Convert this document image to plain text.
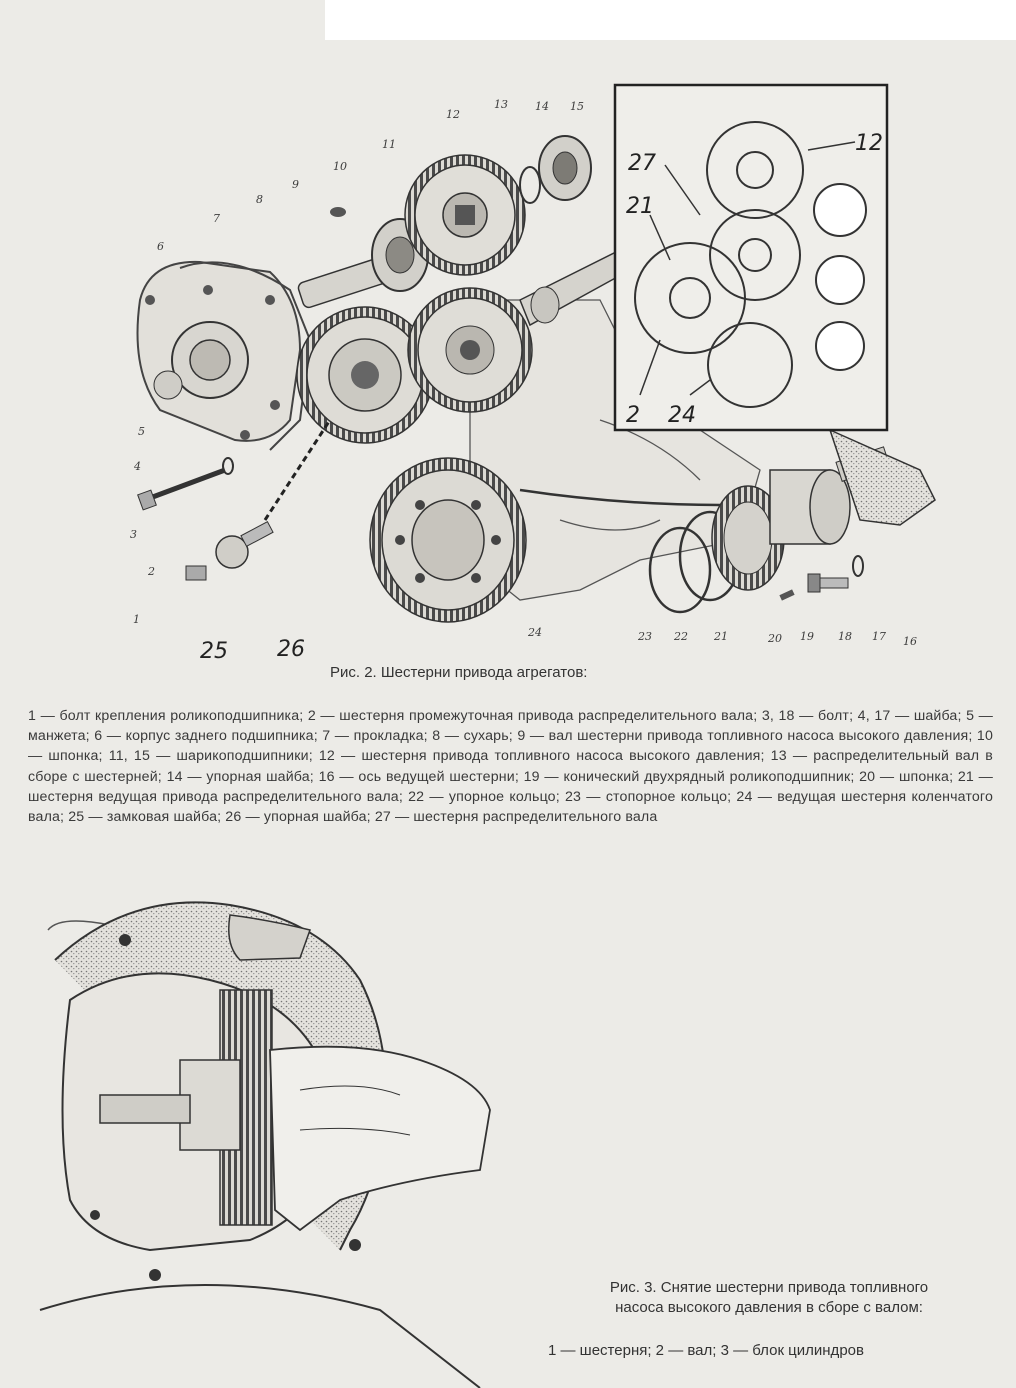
1
2
3
4
5
6
7
8
9
10
11
12
13 14 15
16
17
18
19
20
21
22
23
24
27
21
12
2 24
25 26
Рис. 2. Шестерни привода агрегатов:
1 — болт крепления роликоподшипника; 2 — шестерня промежуточная привода распределительного вала; 3, 18 — болт; 4, 17 — шайба; 5 — манжета; 6 — корпус заднего подшипника; 7 — прокладка; 8 — сухарь; 9 — вал шестерни привода топливного насоса высокого давления; 10 — шпонка; 11, 15 — шарикоподшипники; 12 — шестерня привода топливного насоса высокого давления; 13 — распределительный вал в сборе с шестерней; 14 — упорная шайба; 16 — ось ведущей шестерни; 19 — конический двухрядный роликоподшипник; 20 — шпонка; 21 — шестерня ведущая привода распределительного вала; 22 — упорное кольцо; 23 — стопорное кольцо; 24 — ведущая шестерня коленчатого вала; 25 — замковая шайба; 26 — упорная шайба; 27 — шестерня распределительного вала
Рис. 3. Снятие шестерни привода топливного
насоса высокого давления в сборе с валом:
1 — шестерня; 2 — вал; 3 — блок цилиндров
